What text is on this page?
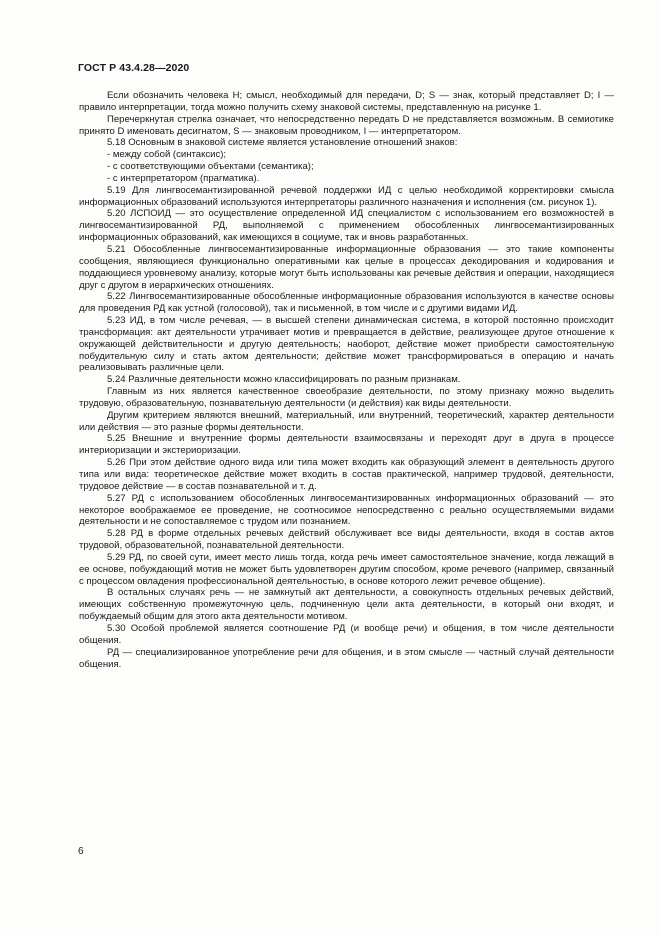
ГОСТ Р 43.4.28—2020

Если обозначить человека H; смысл, необходимый для передачи, D; S — знак, который представляет D; I — правило интерпретации, тогда можно получить схему знаковой системы, представленную на рисунке 1.

Перечеркнутая стрелка означает, что непосредственно передать D не представляется возможным. В семиотике принято D именовать десигнатом, S — знаковым проводником, I — интерпретатором.

5.18 Основным в знаковой системе является установление отношений знаков:

- между собой (синтаксис);

- с соответствующими объектами (семантика);

- с интерпретатором (прагматика).

5.19 Для лингвосемантизированной речевой поддержки ИД с целью необходимой корректировки смысла информационных образований используются интерпретаторы различного назначения и исполнения (см. рисунок 1).

5.20 ЛСПОИД — это осуществление определенной ИД специалистом с использованием его возможностей в лингвосемантизированной РД, выполняемой с применением обособленных лингвосемантизированных информационных образований, как имеющихся в социуме, так и вновь разработанных.

5.21 Обособленные лингвосемантизированные информационные образования — это такие компоненты сообщения, являющиеся функционально оперативными как целые в процессах декодирования и кодирования и поддающиеся уровневому анализу, которые могут быть использованы как речевые действия и операции, находящиеся друг с другом в иерархических отношениях.

5.22 Лингвосемантизированные обособленные информационные образования используются в качестве основы для проведения РД как устной (голосовой), так и письменной, в том числе и с другими видами ИД.

5.23 ИД, в том числе речевая, — в высшей степени динамическая система, в которой постоянно происходит трансформация: акт деятельности утрачивает мотив и превращается в действие, реализующее другое отношение к окружающей действительности и другую деятельность; наоборот, действие может приобрести самостоятельную побудительную силу и стать актом деятельности; действие может трансформироваться в операцию и начать реализовывать различные цели.

5.24 Различные деятельности можно классифицировать по разным признакам.

Главным из них является качественное своеобразие деятельности, по этому признаку можно выделить трудовую, образовательную, познавательную деятельности (и действия) как виды деятельности.

Другим критерием являются внешний, материальный, или внутренний, теоретический, характер деятельности или действия — это разные формы деятельности.

5.25 Внешние и внутренние формы деятельности взаимосвязаны и переходят друг в друга в процессе интериоризации и экстериоризации.

5.26 При этом действие одного вида или типа может входить как образующий элемент в деятельность другого типа или вида: теоретическое действие может входить в состав практической, например трудовой, деятельности, трудовое действие — в состав познавательной и т. д.

5.27 РД с использованием обособленных лингвосемантизированных информационных образований — это некоторое воображаемое ее проведение, не соотносимое непосредственно с реально осуществляемыми видами деятельности и не сопоставляемое с трудом или познанием.

5.28 РД в форме отдельных речевых действий обслуживает все виды деятельности, входя в состав актов трудовой, образовательной, познавательной деятельности.

5.29 РД, по своей сути, имеет место лишь тогда, когда речь имеет самостоятельное значение, когда лежащий в ее основе, побуждающий мотив не может быть удовлетворен другим способом, кроме речевого (например, связанный с процессом овладения профессиональной деятельностью, в основе которого лежит речевое общение).

В остальных случаях речь — не замкнутый акт деятельности, а совокупность отдельных речевых действий, имеющих собственную промежуточную цель, подчиненную цели акта деятельности, в который они входят, и побуждаемый общим для этого акта деятельности мотивом.

5.30 Особой проблемой является соотношение РД (и вообще речи) и общения, в том числе деятельности общения.

РД — специализированное употребление речи для общения, и в этом смысле — частный случай деятельности общения.

6
